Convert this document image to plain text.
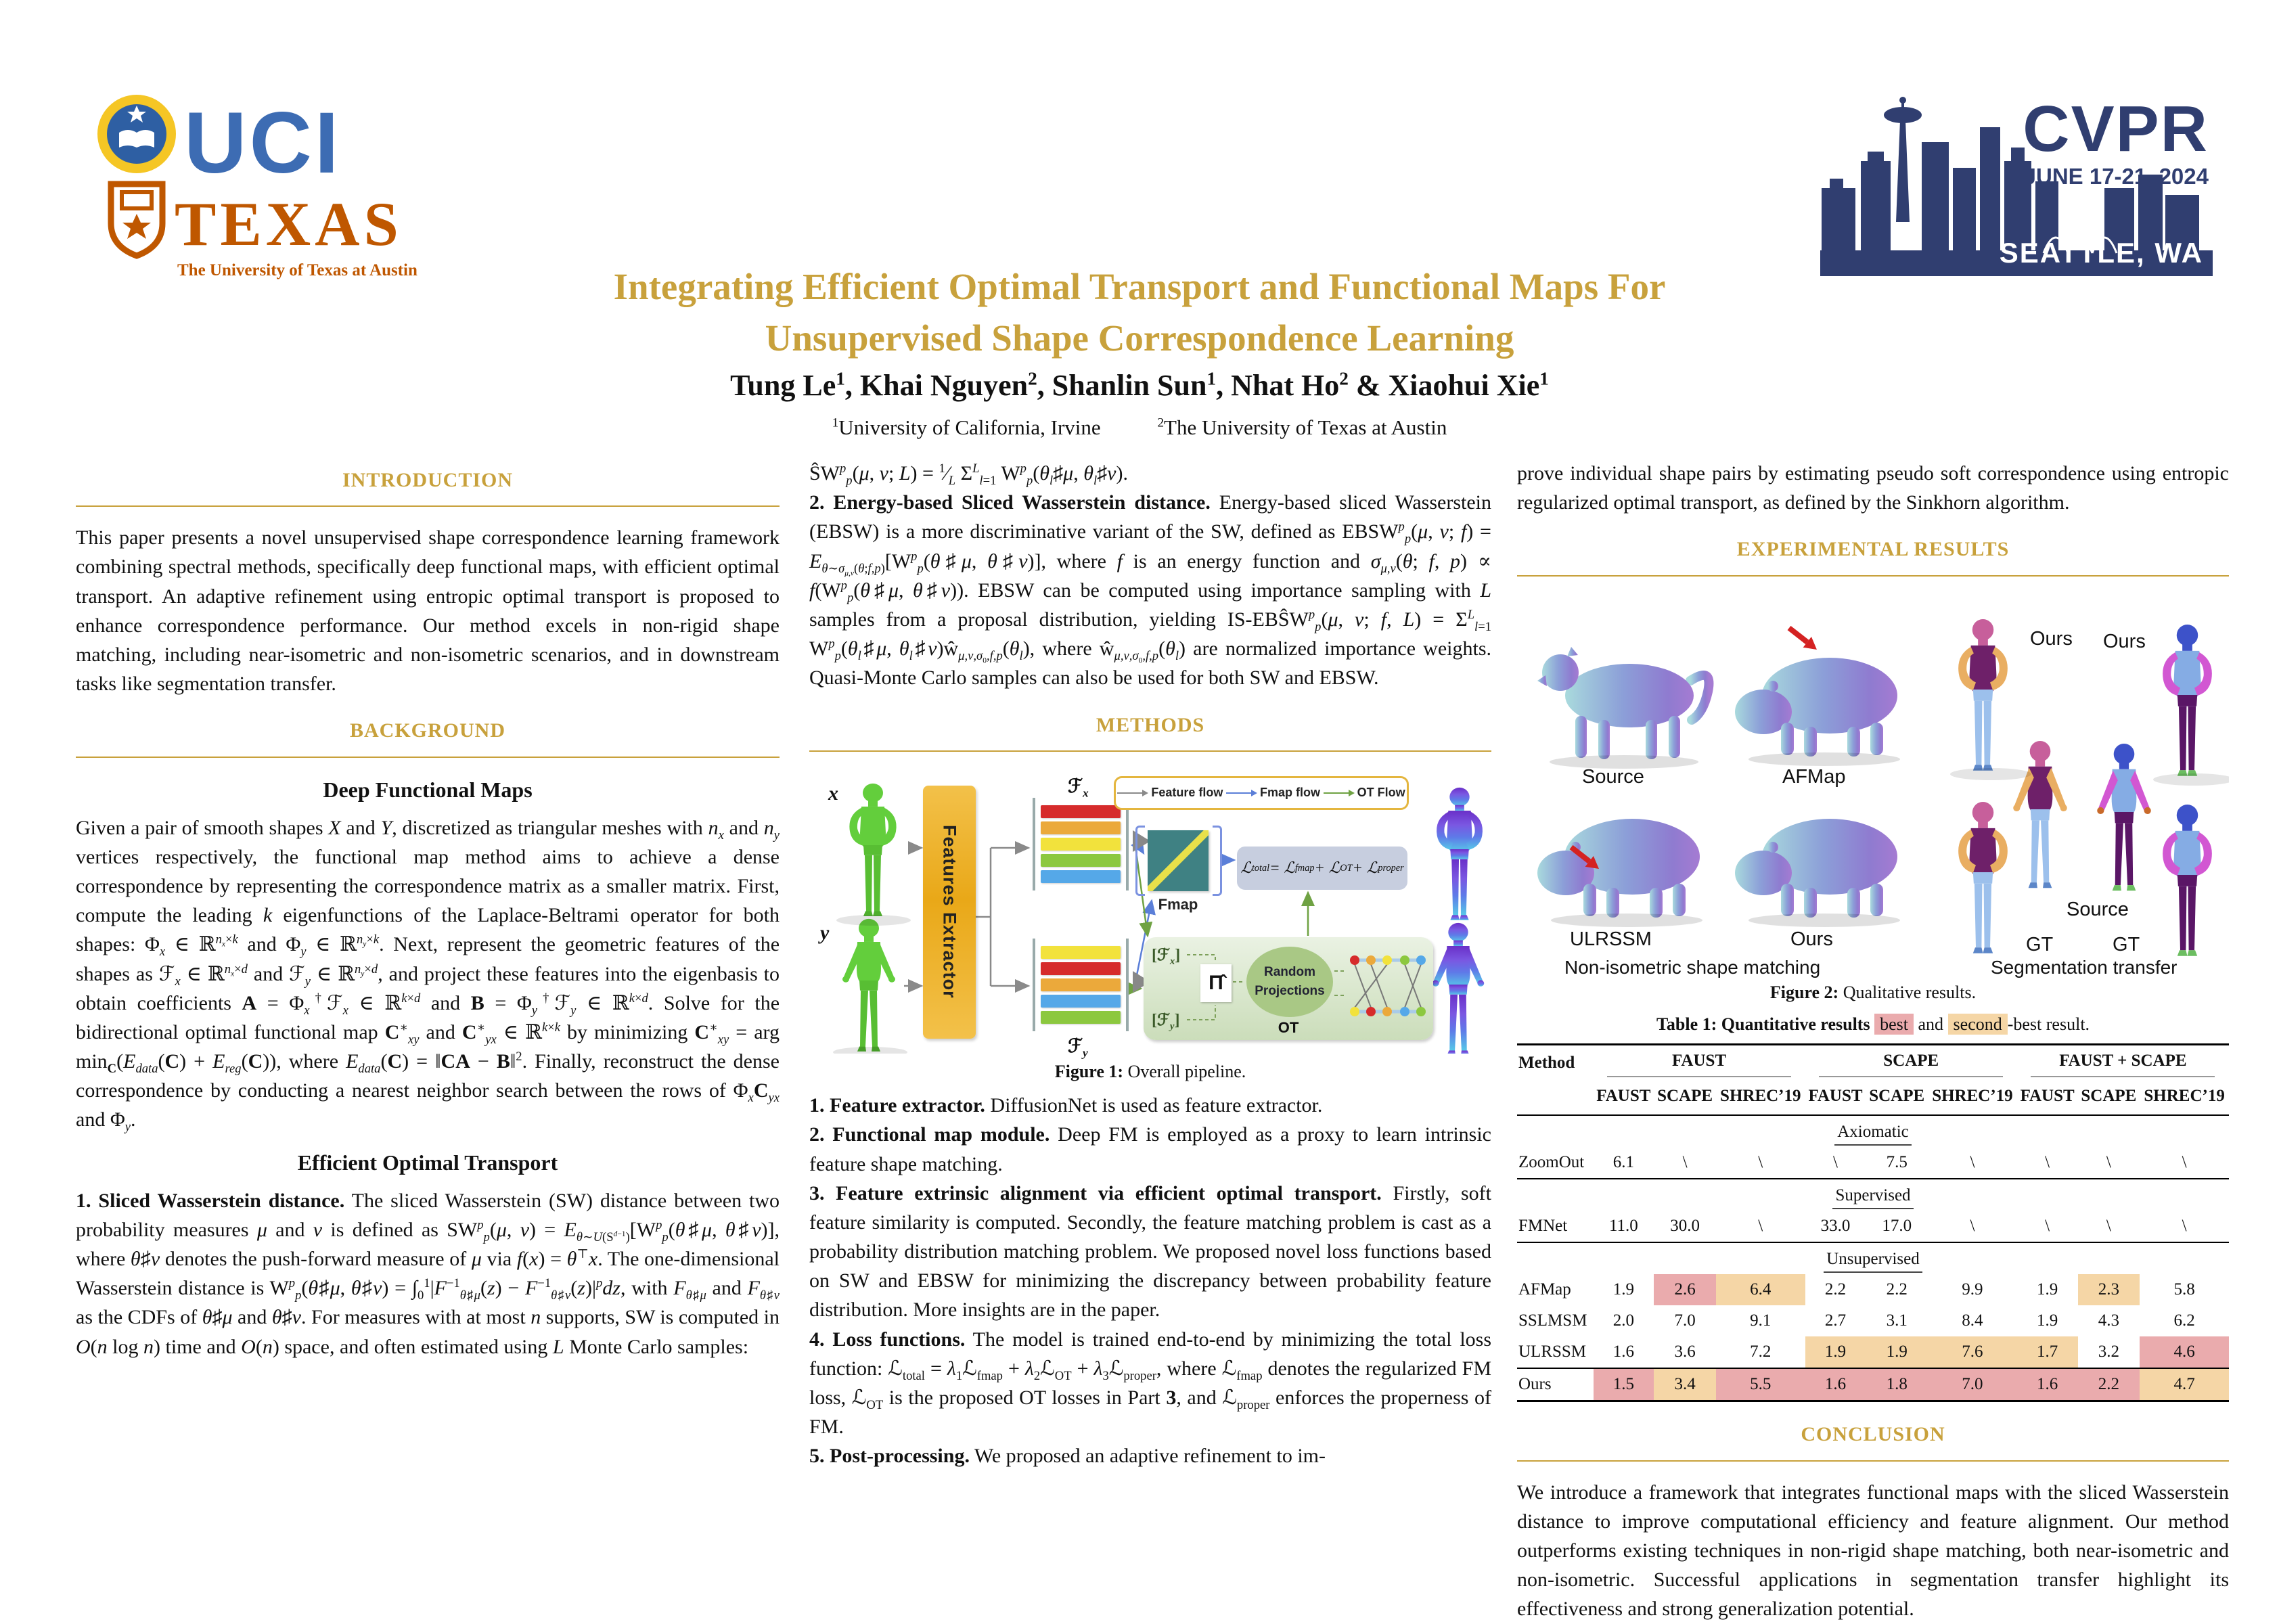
UCI
TEXAS
The University of Texas at Austin
CVPR
JUNE 17-21, 2024
SEATTLE, WA
Integrating Efficient Optimal Transport and Functional Maps For
Unsupervised Shape Correspondence Learning
Tung Le$^1$, Khai Nguyen$^2$, Shanlin Sun$^1$, Nhat Ho$^2$ & Xiaohui Xie$^1$
$^1$University of California, Irvine	$^2$The University of Texas at Austin
INTRODUCTION

This paper presents a novel unsupervised shape correspondence learning framework combining spectral methods, specifically deep functional maps, with efficient optimal transport. An adaptive refinement using entropic optimal transport is proposed to enhance correspondence performance. Our method excels in non-rigid shape matching, including near-isometric and non-isometric scenarios, and in downstream tasks like segmentation transfer.

BACKGROUND
Deep Functional Maps

Given a pair of smooth shapes X and Y, discretized as triangular meshes with $n_x$ and $n_y$ vertices respectively, the functional map method aims to achieve a dense correspondence by representing the correspondence matrix as a smaller matrix. First, compute the leading k eigenfunctions of the Laplace-Beltrami operator for both shapes: $\Phi_x$ ∈ ℝ$^{n_x\times k}$ and $\Phi_y$ ∈ ℝ$^{n_y\times k}$. Next, represent the geometric features of the shapes as ℱ$_x$ ∈ ℝ$^{n_x\times d}$ and ℱ$_y$ ∈ ℝ$^{n_y\times d}$, and project these features into the eigenbasis to obtain coefficients $A = \Phi_x^\dagger ℱ_x$ ∈ ℝ$^{k\times d}$ and $B = \Phi_y^\dagger ℱ_y$ ∈ ℝ$^{k\times d}$. Solve for the bidirectional optimal functional map $C^∗_{xy}$ and $C^∗_{yx}$ ∈ ℝ$^{k\times k}$ by minimizing $C^∗_{xy}$ = arg $\min_C(E_{data}(C) + E_{reg}(C))$, where $E_{data}(C)$ = ‖CA − B‖$^2$. Finally, reconstruct the dense correspondence by conducting a nearest neighbor search between the rows of $\Phi_xC_{yx}$ and $\Phi_y$.

Efficient Optimal Transport

1. Sliced Wasserstein distance. The sliced Wasserstein (SW) distance between two probability measures μ and ν is defined as $SW^p_p(\mu$, $\nu) = E_{\theta\sim U(S^{d-1})}[W^p_p(\theta♯\mu$, θ♯ν)], where θ♯ν denotes the push-forward measure of μ via f(x) = θ⊤x. The one-dimensional Wasserstein distance is $W^p_p(\theta♯\mu$, θ♯ν) = $\int_0^1|F^{-1}_{\theta♯\mu}(z) - F^{-1}_{\theta♯\nu}(z)|^pdz$, with $F_{\theta♯\mu}$ and $F_{\theta♯\nu}$ as the CDFs of θ♯μ and θ♯ν. For measures with at most n supports, SW is computed in O(n log n) time and O(n) space, and often estimated using L Monte Carlo samples:

$ŜW^p_p(\mu$, ν; $L) = ^1⁄_L$ $\Sigma^L_{l=1}$ $W^p_p(\theta_l♯\mu$, $\theta_l♯\nu$).

2. Energy-based Sliced Wasserstein distance. Energy-based sliced Wasserstein (EBSW) is a more discriminative variant of the SW, defined as $EBSW^p_p(\mu$, ν; $f) = E_{\theta\sim\sigma_{\mu,\nu}(\theta;f,p)}[W^p_p(\theta♯\mu$, θ♯ν)], where f is an energy function and $\sigma_{\mu,\nu}(\theta$; f, $p) \propto f(W^p_p(\theta♯\mu$, θ♯ν)). EBSW can be computed using importance sampling with L samples from a proposal distribution, yielding $IS-EBŜW^p_p(\mu$, ν; f, $L) = \Sigma^L_{l=1}$ $W^p_p(\theta_l♯\mu$, $\theta_l♯\nu)ŵ_{\mu,\nu,\sigma_0,f,p}(\theta_l)$, where $ŵ_{\mu,\nu,\sigma_0,f,p}(\theta_l)$ are normalized importance weights. Quasi-Monte Carlo samples can also be used for both SW and EBSW.

METHODS
x
y	Features Extractor
ℱ$_x$
ℱ$_y$
Feature flow	Fmap flow	OT Flow
Fmap
ℒ total = ℒ fmap + ℒ OT + ℒ proper
[ℱ$_x$]
[ℱ$_y$]
Π̂	Random Projections
OT
Figure 1: Overall pipeline.

1. Feature extractor. DiffusionNet is used as feature extractor.

2. Functional map module. Deep FM is employed as a proxy to learn intrinsic feature shape matching.

3. Feature extrinsic alignment via efficient optimal transport. Firstly, soft feature similarity is computed. Secondly, the feature matching problem is cast as a probability distribution matching problem. We proposed novel loss functions based on SW and EBSW for minimizing the discrepancy between probability feature distribution. More insights are in the paper.

4. Loss functions. The model is trained end-to-end by minimizing the total loss function: ℒ$_{total}$ = $\lambda_1ℒ_{fmap}$ + $\lambda_2ℒ_{OT}$ + $\lambda_3ℒ_{proper}$, where ℒ$_{fmap}$ denotes the regularized FM loss, ℒ$_{OT}$ is the proposed OT losses in Part 3, and ℒ$_{proper}$ enforces the properness of FM.

5. Post-processing. We proposed an adaptive refinement to im-

prove individual shape pairs by estimating pseudo soft correspondence using entropic regularized optimal transport, as defined by the Sinkhorn algorithm.

EXPERIMENTAL RESULTS
Source	AFMap
ULRSSM	Ours
Ours Ours
Source
GT	GT
Non-isometric shape matching	Segmentation transfer
Figure 2: Qualitative results.
Table 1: Quantitative results best and second -best result.
Method	FAUST			SCAPE			FAUST + SCAPE		

	FAUST	SCAPE	SHREC’19	FAUST	SCAPE	SHREC’19	FAUST	SCAPE	SHREC’19
Axiomatic									
ZoomOut	6.1	\	\	\	7.5	\	\	\	\
Supervised									
FMNet	11.0	30.0	\	33.0	17.0	\	\	\	\
Unsupervised									
AFMap	1.9	2.6	6.4	2.2	2.2	9.9	1.9	2.3	5.8
SSLMSM	2.0	7.0	9.1	2.7	3.1	8.4	1.9	4.3	6.2
ULRSSM	1.6	3.6	7.2	1.9	1.9	7.6	1.7	3.2	4.6
Ours	1.5	3.4	5.5	1.6	1.8	7.0	1.6	2.2	4.7
CONCLUSION

We introduce a framework that integrates functional maps with the sliced Wasserstein distance to improve computational efficiency and feature alignment. Our method outperforms existing techniques in non-rigid shape matching, both near-isometric and non-isometric. Successful applications in segmentation transfer highlight its effectiveness and strong generalization potential.
